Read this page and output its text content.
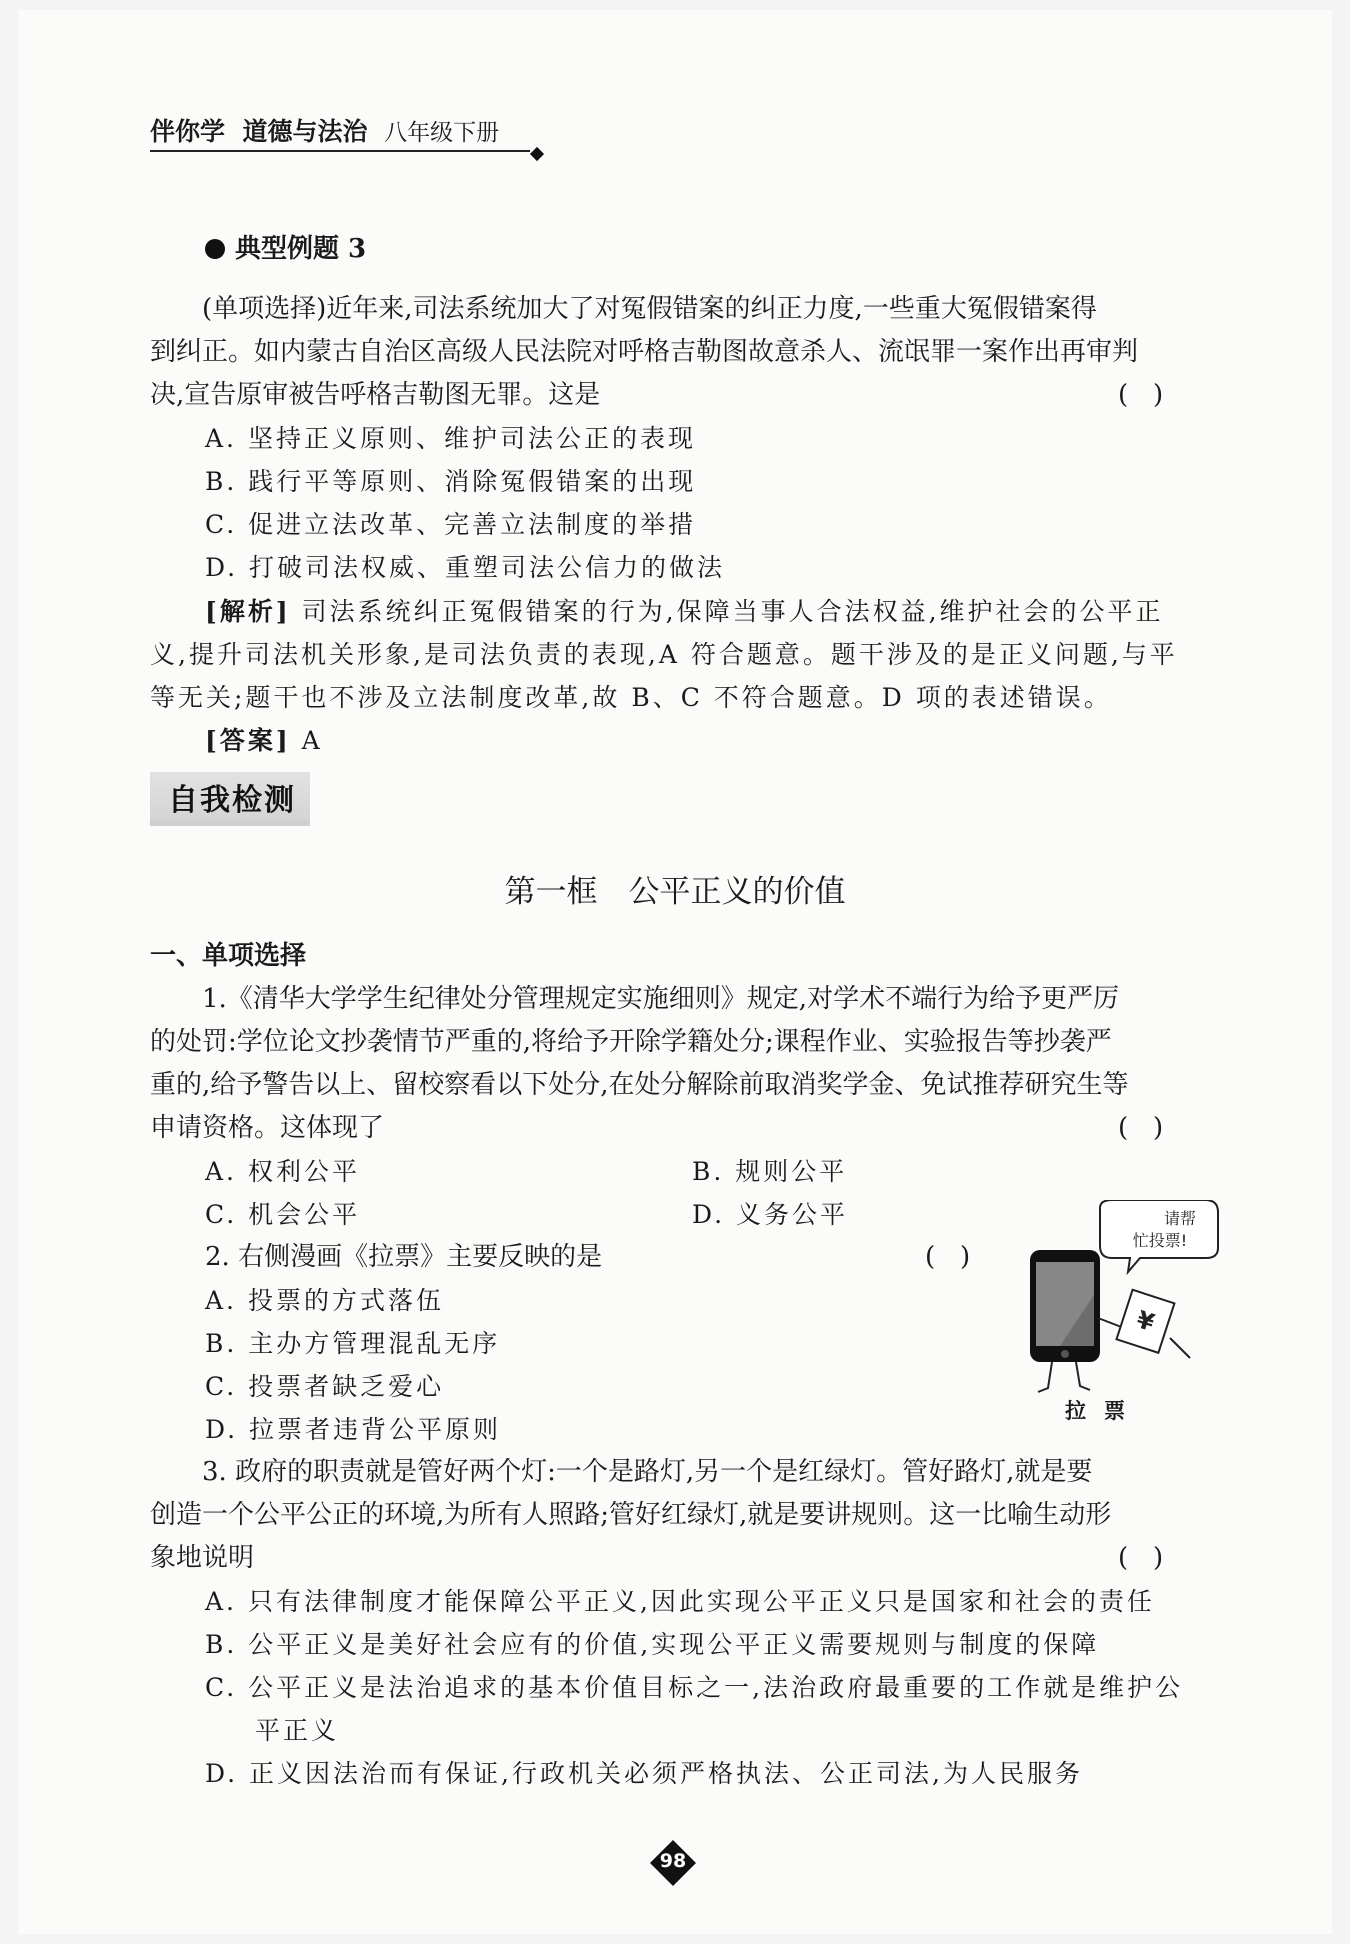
伴你学 道德与法治 八年级下册
典型例题 3
(单项选择)近年来,司法系统加大了对冤假错案的纠正力度,一些重大冤假错案得
到纠正。如内蒙古自治区高级人民法院对呼格吉勒图故意杀人、流氓罪一案作出再审判
决,宣告原审被告呼格吉勒图无罪。这是	(   )
A. 坚持正义原则、维护司法公正的表现
B. 践行平等原则、消除冤假错案的出现
C. 促进立法改革、完善立法制度的举措
D. 打破司法权威、重塑司法公信力的做法
[解析] 司法系统纠正冤假错案的行为,保障当事人合法权益,维护社会的公平正
义,提升司法机关形象,是司法负责的表现,A 符合题意。题干涉及的是正义问题,与平
等无关;题干也不涉及立法制度改革,故 B、C 不符合题意。D 项的表述错误。
[答案] A
自我检测
第一框　公平正义的价值
一、单项选择
1.《清华大学学生纪律处分管理规定实施细则》规定,对学术不端行为给予更严厉
的处罚:学位论文抄袭情节严重的,将给予开除学籍处分;课程作业、实验报告等抄袭严
重的,给予警告以上、留校察看以下处分,在处分解除前取消奖学金、免试推荐研究生等
申请资格。这体现了	(   )
A. 权利公平	B. 规则公平
C. 机会公平	D. 义务公平
2. 右侧漫画《拉票》主要反映的是	(   )
A. 投票的方式落伍
B. 主办方管理混乱无序
C. 投票者缺乏爱心
D. 拉票者违背公平原则
请帮
忙投票!
¥
拉票
3. 政府的职责就是管好两个灯:一个是路灯,另一个是红绿灯。管好路灯,就是要
创造一个公平公正的环境,为所有人照路;管好红绿灯,就是要讲规则。这一比喻生动形
象地说明	(   )
A. 只有法律制度才能保障公平正义,因此实现公平正义只是国家和社会的责任
B. 公平正义是美好社会应有的价值,实现公平正义需要规则与制度的保障
C. 公平正义是法治追求的基本价值目标之一,法治政府最重要的工作就是维护公
平正义
D. 正义因法治而有保证,行政机关必须严格执法、公正司法,为人民服务
98
